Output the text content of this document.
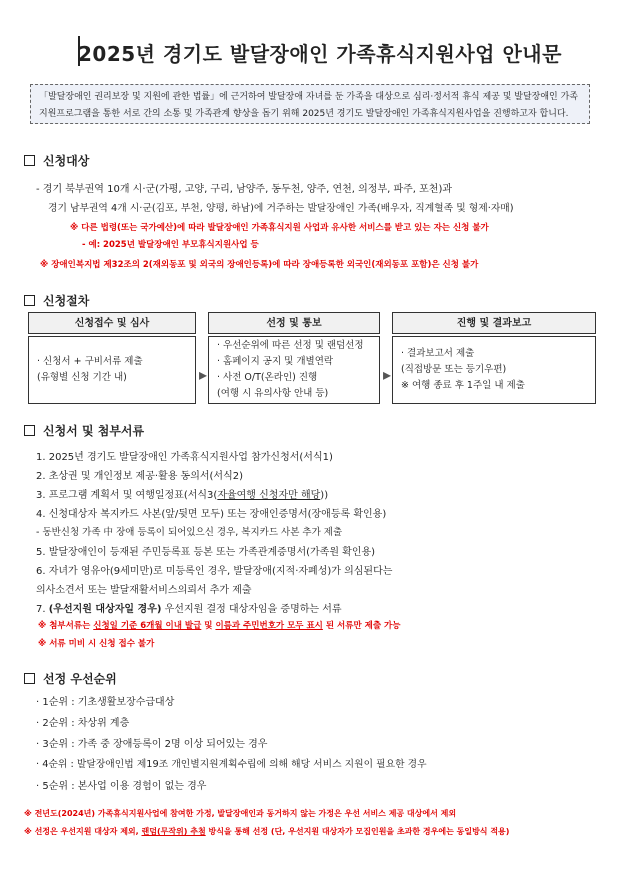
2025년 경기도 발달장애인 가족휴식지원사업 안내문
「발달장애인 권리보장 및 지원에 관한 법률」에 근거하여 발달장애 자녀를 둔 가족을 대상으로 심리·정서적 휴식 제공 및 발달장애인 가족
지원프로그램을 통한 서로 간의 소통 및 가족관계 향상을 돕기 위해 2025년 경기도 발달장애인 가족휴식지원사업을 진행하고자 합니다.
신청대상
- 경기 북부권역 10개 시·군(가평, 고양, 구리, 남양주, 동두천, 양주, 연천, 의정부, 파주, 포천)과
경기 남부권역 4개 시·군(김포, 부천, 양평, 하남)에 거주하는 발달장애인 가족(배우자, 직계혈족 및 형제·자매)
※ 다른 법령(또는 국가예산)에 따라 발달장애인 가족휴식지원 사업과 유사한 서비스를 받고 있는 자는 신청 불가
- 예: 2025년 발달장애인 부모휴식지원사업 등
※ 장애인복지법 제32조의 2(재외동포 및 외국의 장애인등록)에 따라 장애등록한 외국인(재외동포 포함)은 신청 불가
신청절차
신청접수 및 심사
· 신청서 + 구비서류 제출
(유형별 신청 기간 내)	▸
선정 및 통보
· 우선순위에 따른 선정 및 랜덤선정
· 홈페이지 공지 및 개별연락
· 사전 O/T(온라인) 진행
(여행 시 유의사항 안내 등)
▸
진행 및 결과보고
· 결과보고서 제출
(직접방문 또는 등기우편)
※ 여행 종료 후 1주일 내 제출
신청서 및 첨부서류
1. 2025년 경기도 발달장애인 가족휴식지원사업 참가신청서(서식1)
2. 초상권 및 개인정보 제공·활용 동의서(서식2)
3. 프로그램 계획서 및 여행일정표(서식3(자율여행 신청자만 해당))
4. 신청대상자 복지카드 사본(앞/뒷면 모두) 또는 장애인증명서(장애등록 확인용)
- 동반신청 가족 中 장애 등록이 되어있으신 경우, 복지카드 사본 추가 제출
5. 발달장애인이 등재된 주민등록표 등본 또는 가족관계증명서(가족원 확인용)
6. 자녀가 영유아(9세미만)로 미등록인 경우, 발달장애(지적·자폐성)가 의심된다는
의사소견서 또는 발달재활서비스의뢰서 추가 제출
7. (우선지원 대상자일 경우) 우선지원 결정 대상자임을 증명하는 서류
※ 첨부서류는 신청일 기준 6개월 이내 발급 및 이름과 주민번호가 모두 표시 된 서류만 제출 가능
※ 서류 미비 시 신청 접수 불가
선정 우선순위
· 1순위 : 기초생활보장수급대상
· 2순위 : 차상위 계층
· 3순위 : 가족 중 장애등록이 2명 이상 되어있는 경우
· 4순위 : 발달장애인법 제19조 개인별지원계획수립에 의해 해당 서비스 지원이 필요한 경우
· 5순위 : 본사업 이용 경험이 없는 경우
※ 전년도(2024년) 가족휴식지원사업에 참여한 가정, 발달장애인과 동거하지 않는 가정은 우선 서비스 제공 대상에서 제외
※ 선정은 우선지원 대상자 제외, 랜덤(무작위) 추첨 방식을 통해 선정 (단, 우선지원 대상자가 모집인원을 초과한 경우에는 동일방식 적용)
